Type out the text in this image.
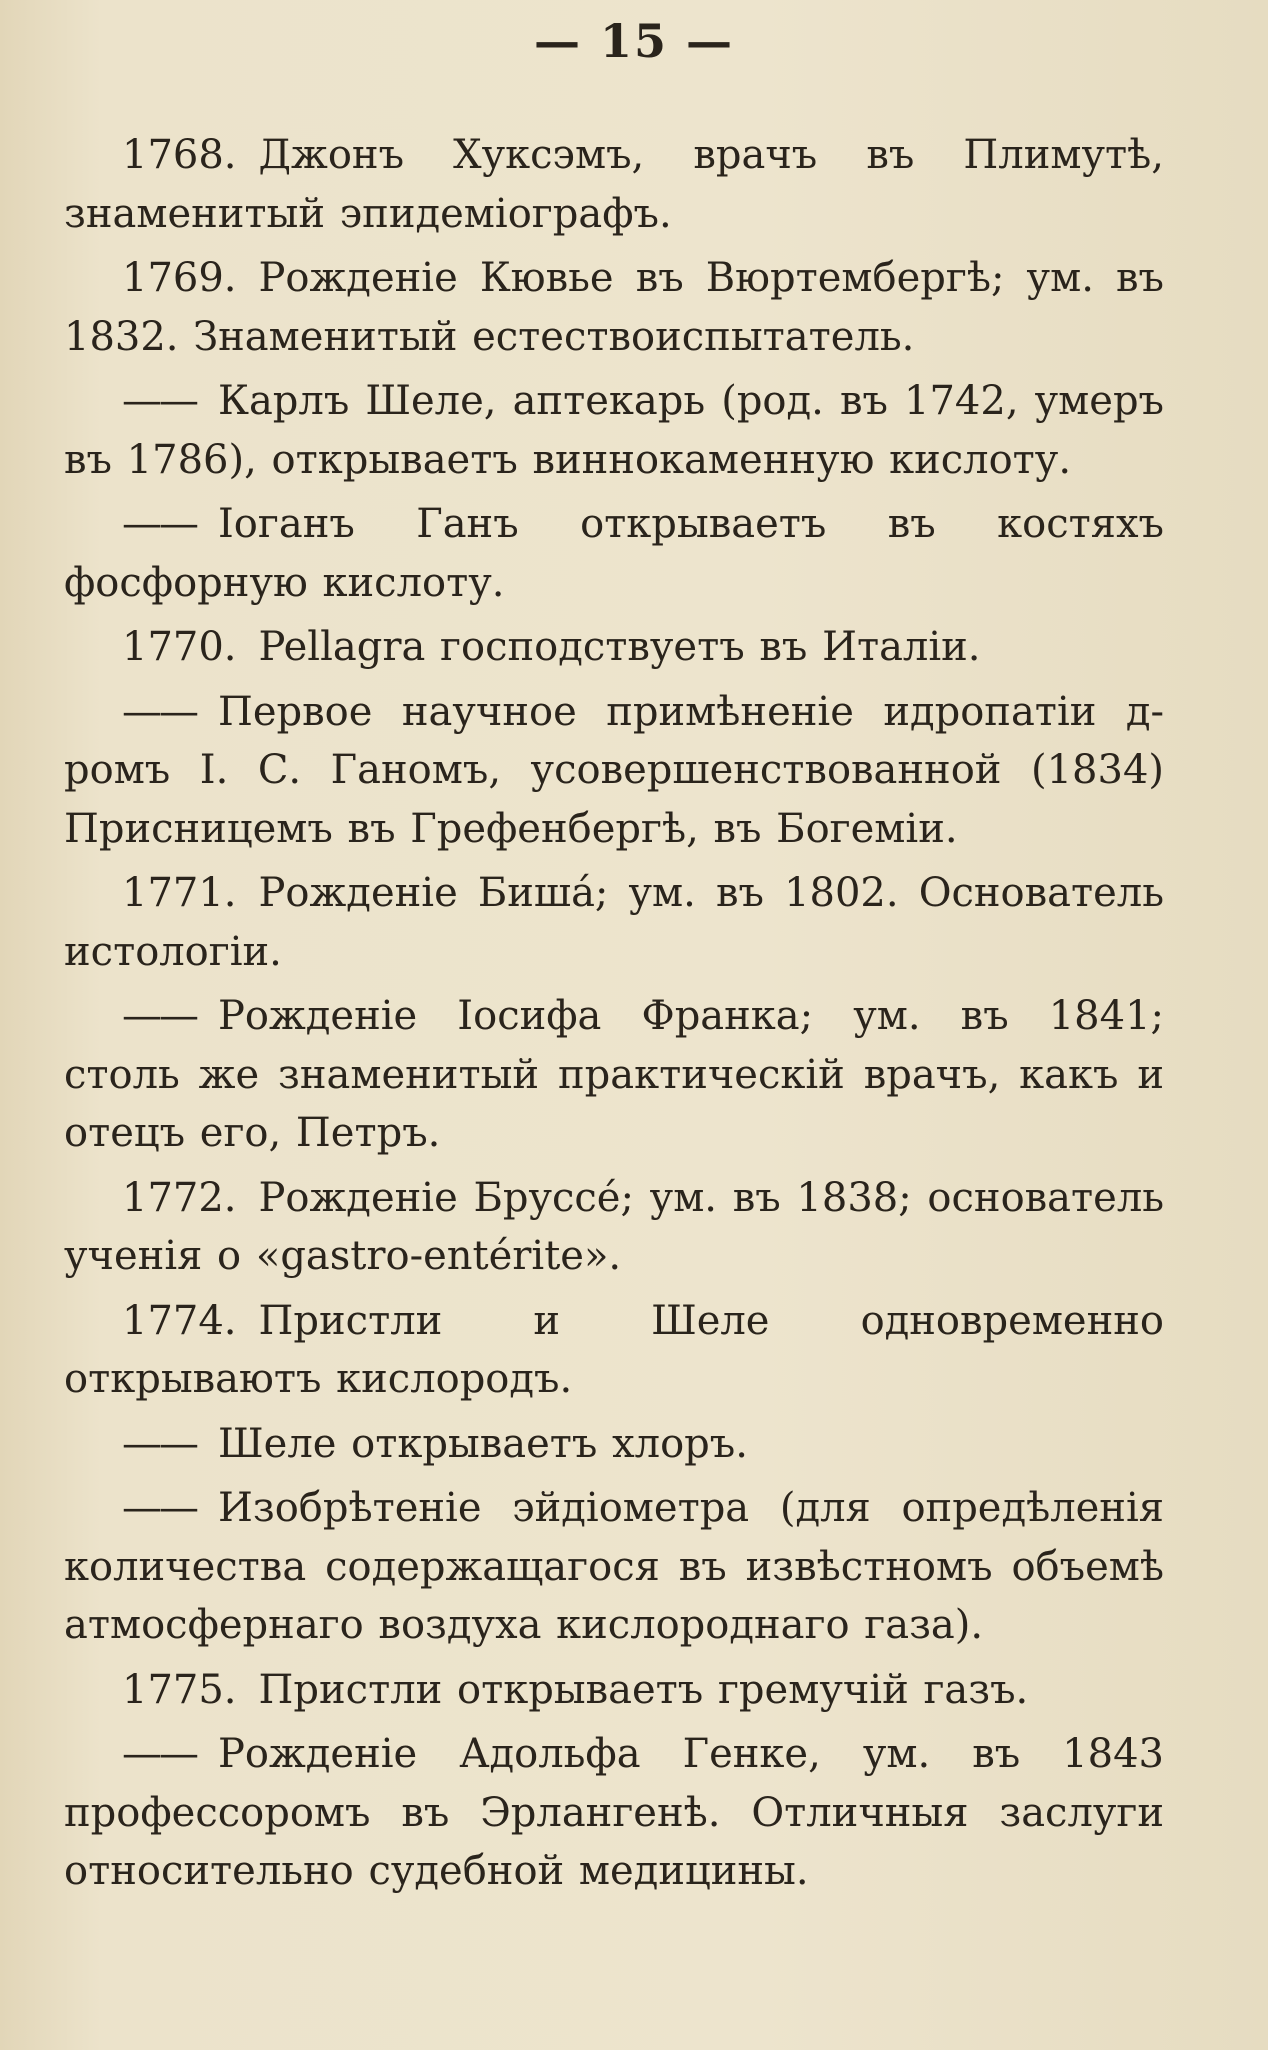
— 15 —

1768. Джонъ Хуксэмъ, врачъ въ Плимутѣ, знаменитый эпидеміографъ.

1769. Рожденіе Кювье въ Вюртембергѣ; ум. въ 1832. Знаменитый естествоиспытатель.

—— Карлъ Шеле, аптекарь (род. въ 1742, умеръ въ 1786), открываетъ виннокаменную кислоту.

—— Іоганъ Ганъ открываетъ въ костяхъ фосфорную кислоту.

1770. Pellagra господствуетъ въ Италіи.

—— Первое научное примѣненіе идропатіи д-ромъ І. С. Ганомъ, усовершенствованной (1834) Присницемъ въ Грефенбергѣ, въ Богеміи.

1771. Рожденіе Бишá; ум. въ 1802. Основатель истологіи.

—— Рожденіе Іосифа Франка; ум. въ 1841; столь же знаменитый практическій врачъ, какъ и отецъ его, Петръ.

1772. Рожденіе Бруссé; ум. въ 1838; основатель ученія о «gastro-entérite».

1774. Пристли и Шеле одновременно открываютъ кислородъ.

—— Шеле открываетъ хлоръ.

—— Изобрѣтеніе эйдіометра (для опредѣленія количества содержащагося въ извѣстномъ объемѣ атмосфернаго воздуха кислороднаго газа).

1775. Пристли открываетъ гремучій газъ.

—— Рожденіе Адольфа Генке, ум. въ 1843 профессоромъ въ Эрлангенѣ. Отличныя заслуги относительно судебной медицины.
